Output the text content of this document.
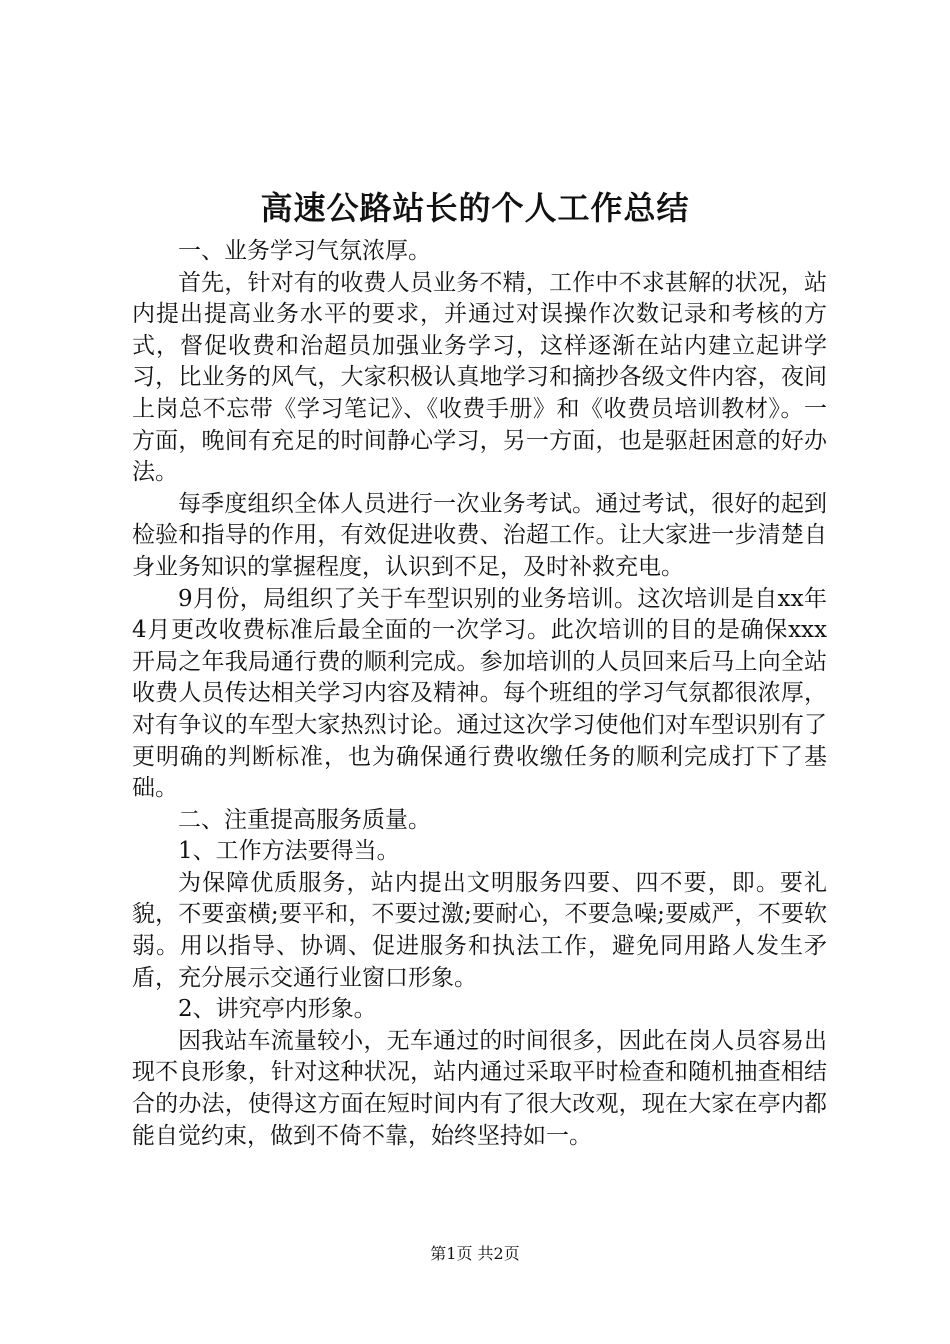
高速公路站长的个人工作总结

一、业务学习气氛浓厚。

首先，针对有的收费人员业务不精，工作中不求甚解的状况，站内提出提高业务水平的要求，并通过对误操作次数记录和考核的方式，督促收费和治超员加强业务学习，这样逐渐在站内建立起讲学习，比业务的风气，大家积极认真地学习和摘抄各级文件内容，夜间上岗总不忘带《学习笔记》、《收费手册》和《收费员培训教材》。一方面，晚间有充足的时间静心学习，另一方面，也是驱赶困意的好办法。

每季度组织全体人员进行一次业务考试。通过考试，很好的起到检验和指导的作用，有效促进收费、治超工作。让大家进一步清楚自身业务知识的掌握程度，认识到不足，及时补救充电。

9月份，局组织了关于车型识别的业务培训。这次培训是自xx年4月更改收费标准后最全面的一次学习。此次培训的目的是确保xxx开局之年我局通行费的顺利完成。参加培训的人员回来后马上向全站收费人员传达相关学习内容及精神。每个班组的学习气氛都很浓厚，对有争议的车型大家热烈讨论。通过这次学习使他们对车型识别有了更明确的判断标准，也为确保通行费收缴任务的顺利完成打下了基础。

二、注重提高服务质量。

1、工作方法要得当。

为保障优质服务，站内提出文明服务四要、四不要，即。要礼貌，不要蛮横;要平和，不要过激;要耐心，不要急噪;要威严，不要软弱。用以指导、协调、促进服务和执法工作，避免同用路人发生矛盾，充分展示交通行业窗口形象。

2、讲究亭内形象。

因我站车流量较小，无车通过的时间很多，因此在岗人员容易出现不良形象，针对这种状况，站内通过采取平时检查和随机抽查相结合的办法，使得这方面在短时间内有了很大改观，现在大家在亭内都能自觉约束，做到不倚不靠，始终坚持如一。

第1页 共2页
